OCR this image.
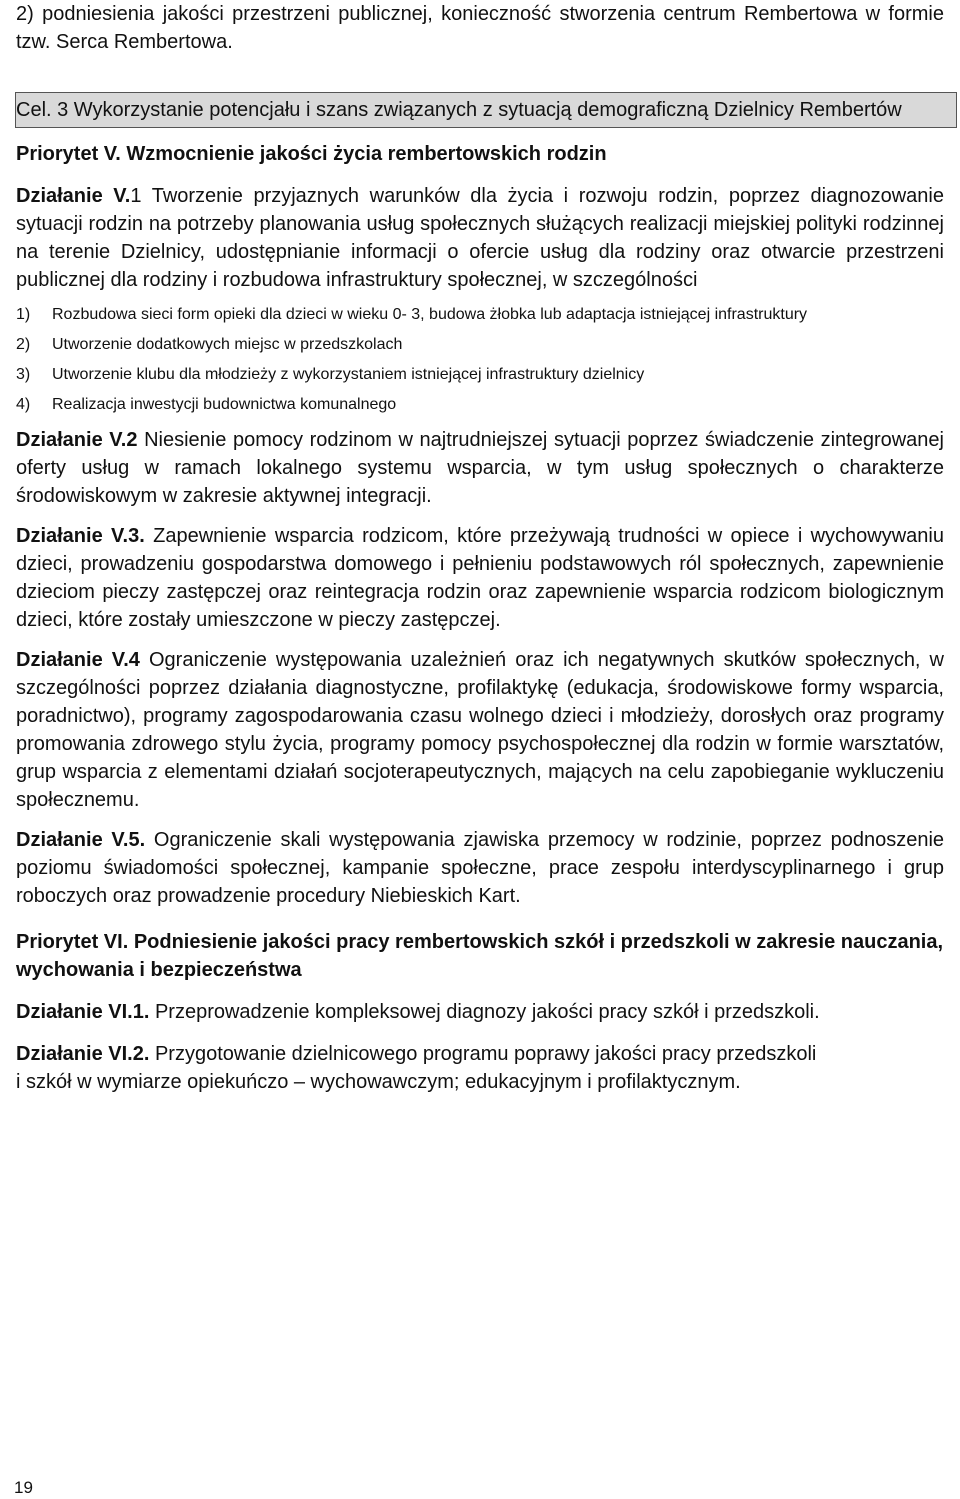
2) podniesienia jakości przestrzeni publicznej, konieczność stworzenia centrum Rembertowa w formie tzw. Serca Rembertowa.

Cel. 3 Wykorzystanie potencjału i szans związanych z sytuacją demograficzną Dzielnicy Rembertów

Priorytet V. Wzmocnienie jakości życia rembertowskich rodzin

Działanie V.1 Tworzenie przyjaznych warunków dla życia i rozwoju rodzin, poprzez diagnozowanie sytuacji rodzin na potrzeby planowania usług społecznych służących realizacji miejskiej polityki rodzinnej na terenie Dzielnicy, udostępnianie informacji o ofercie usług dla rodziny oraz otwarcie przestrzeni publicznej dla rodziny i rozbudowa infrastruktury społecznej, w szczególności

1) Rozbudowa sieci form opieki dla dzieci w wieku 0- 3, budowa żłobka lub adaptacja istniejącej infrastruktury
2) Utworzenie dodatkowych miejsc w przedszkolach
3) Utworzenie klubu dla młodzieży z wykorzystaniem istniejącej infrastruktury dzielnicy
4) Realizacja inwestycji budownictwa komunalnego

Działanie V.2 Niesienie pomocy rodzinom w najtrudniejszej sytuacji poprzez świadczenie zintegrowanej oferty usług w ramach lokalnego systemu wsparcia, w tym usług społecznych o charakterze środowiskowym w zakresie aktywnej integracji.

Działanie V.3. Zapewnienie wsparcia rodzicom, które przeżywają trudności w opiece i wychowywaniu dzieci, prowadzeniu gospodarstwa domowego i pełnieniu podstawowych ról społecznych, zapewnienie dzieciom pieczy zastępczej oraz reintegracja rodzin oraz zapewnienie wsparcia rodzicom biologicznym dzieci, które zostały umieszczone w pieczy zastępczej.

Działanie V.4 Ograniczenie występowania uzależnień oraz ich negatywnych skutków społecznych, w szczególności poprzez działania diagnostyczne, profilaktykę (edukacja, środowiskowe formy wsparcia, poradnictwo), programy zagospodarowania czasu wolnego dzieci i młodzieży, dorosłych oraz programy promowania zdrowego stylu życia, programy pomocy psychospołecznej dla rodzin w formie warsztatów, grup wsparcia z elementami działań socjoterapeutycznych, mających na celu zapobieganie wykluczeniu społecznemu.

Działanie V.5. Ograniczenie skali występowania zjawiska przemocy w rodzinie, poprzez podnoszenie poziomu świadomości społecznej, kampanie społeczne, prace zespołu interdyscyplinarnego i grup roboczych oraz prowadzenie procedury Niebieskich Kart.

Priorytet VI. Podniesienie jakości pracy rembertowskich szkół i przedszkoli w zakresie nauczania, wychowania i bezpieczeństwa

Działanie VI.1. Przeprowadzenie kompleksowej diagnozy jakości pracy szkół i przedszkoli.

Działanie VI.2. Przygotowanie dzielnicowego programu poprawy jakości pracy przedszkoli

i szkół w wymiarze opiekuńczo – wychowawczym; edukacyjnym i profilaktycznym.

19
